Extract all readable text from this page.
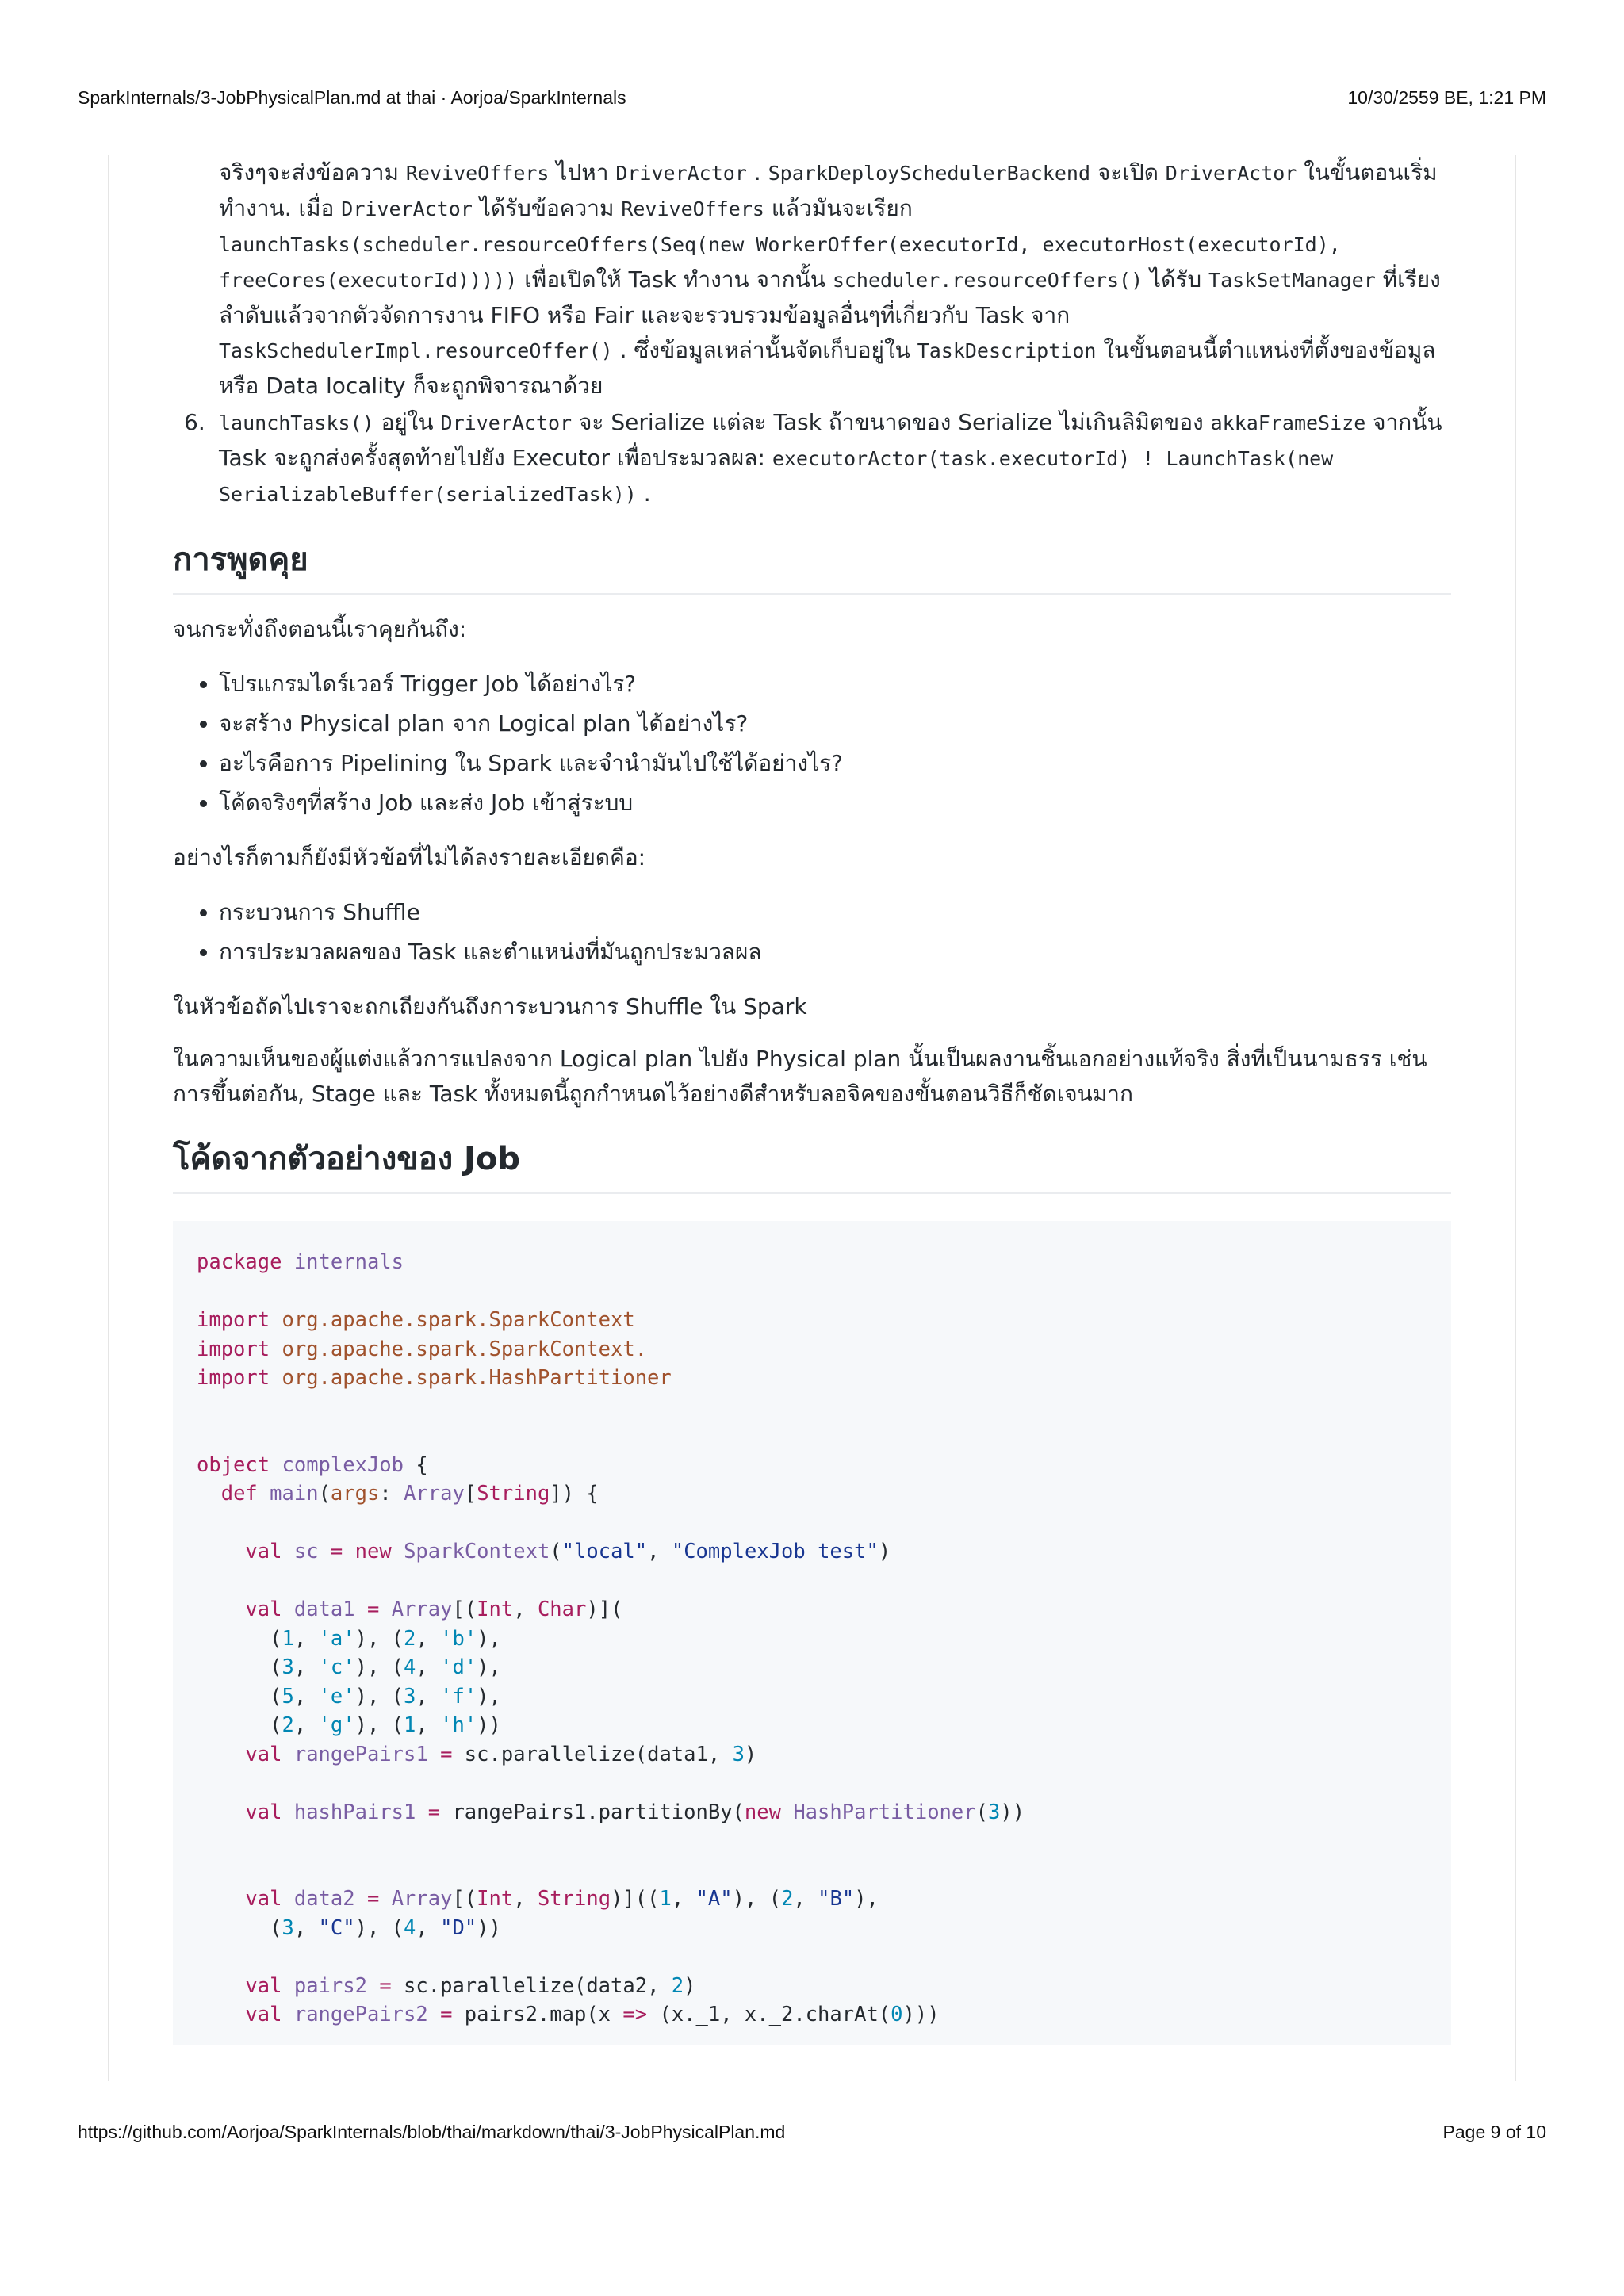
SparkInternals/3-JobPhysicalPlan.md at thai · Aorjoa/SparkInternals	10/30/2559 BE, 1:21 PM
จริงๆจะส่งข้อความ ReviveOffers ไปหา DriverActor . SparkDeploySchedulerBackend จะเปิด DriverActor ในขั้นตอนเริ่มทำงาน. เมื่อ DriverActor ได้รับข้อความ ReviveOffers แล้วมันจะเรียก
launchTasks(scheduler.resourceOffers(Seq(new WorkerOffer(executorId, executorHost(executorId), freeCores(executorId))))) เพื่อเปิดให้ Task ทำงาน จากนั้น scheduler.resourceOffers() ได้รับ TaskSetManager ที่เรียงลำดับแล้วจากตัวจัดการงาน FIFO หรือ Fair และจะรวบรวมข้อมูลอื่นๆที่เกี่ยวกับ Task จาก
TaskSchedulerImpl.resourceOffer() . ซึ่งข้อมูลเหล่านั้นจัดเก็บอยู่ใน TaskDescription ในขั้นตอนนี้ตำแหน่งที่ตั้งของข้อมูลหรือ Data locality ก็จะถูกพิจารณาด้วย
6. launchTasks() อยู่ใน DriverActor จะ Serialize แต่ละ Task ถ้าขนาดของ Serialize ไม่เกินลิมิตของ akkaFrameSize จากนั้น Task จะถูกส่งครั้งสุดท้ายไปยัง Executor เพื่อประมวลผล: executorActor(task.executorId) ! LaunchTask(new SerializableBuffer(serializedTask)) .
การพูดคุย

จนกระทั่งถึงตอนนี้เราคุยกันถึง:

• โปรแกรมไดร์เวอร์ Trigger Job ได้อย่างไร?
• จะสร้าง Physical plan จาก Logical plan ได้อย่างไร?
• อะไรคือการ Pipelining ใน Spark และจำนำมันไปใช้ได้อย่างไร?
• โค้ดจริงๆที่สร้าง Job และส่ง Job เข้าสู่ระบบ

อย่างไรก็ตามก็ยังมีหัวข้อที่ไม่ได้ลงรายละเอียดคือ:

• กระบวนการ Shuffle
• การประมวลผลของ Task และตำแหน่งที่มันถูกประมวลผล

ในหัวข้อถัดไปเราจะถกเถียงกันถึงการะบวนการ Shuffle ใน Spark

ในความเห็นของผู้แต่งแล้วการแปลงจาก Logical plan ไปยัง Physical plan นั้นเป็นผลงานชิ้นเอกอย่างแท้จริง สิ่งที่เป็นนามธรร เช่น การขึ้นต่อกัน, Stage และ Task ทั้งหมดนี้ถูกกำหนดไว้อย่างดีสำหรับลอจิคของขั้นตอนวิธีก็ชัดเจนมาก

โค้ดจากตัวอย่างของ Job
package internals

import org.apache.spark.SparkContext
import org.apache.spark.SparkContext._
import org.apache.spark.HashPartitioner

object complexJob {
def main(args: Array[String]) {

val sc = new SparkContext("local", "ComplexJob test")

val data1 = Array[(Int, Char)](
(1, 'a'), (2, 'b'),
(3, 'c'), (4, 'd'),
(5, 'e'), (3, 'f'),
(2, 'g'), (1, 'h'))
val rangePairs1 = sc.parallelize(data1, 3)

val hashPairs1 = rangePairs1.partitionBy(new HashPartitioner(3))

val data2 = Array[(Int, String)]((1, "A"), (2, "B"),
(3, "C"), (4, "D"))

val pairs2 = sc.parallelize(data2, 2)
val rangePairs2 = pairs2.map(x => (x._1, x._2.charAt(0)))
https://github.com/Aorjoa/SparkInternals/blob/thai/markdown/thai/3-JobPhysicalPlan.md	Page 9 of 10
